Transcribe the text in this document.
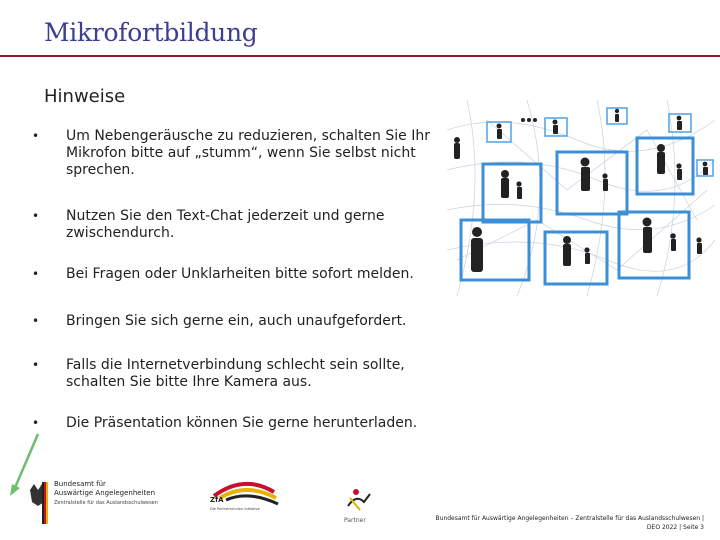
Mikrofortbildung
Hinweise
•	Um Nebengeräusche zu reduzieren, schalten Sie Ihr Mikrofon bitte auf „stumm“, wenn Sie selbst nicht sprechen.
•	Nutzen Sie den Text-Chat jederzeit und gerne zwischendurch.
•	Bei Fragen oder Unklarheiten bitte sofort melden.
•	Bringen Sie sich gerne ein, auch unaufgefordert.
•	Falls die Internetverbindung schlecht sein sollte, schalten Sie bitte Ihre Kamera aus.
•	Die Präsentation können Sie gerne herunterladen.
Bundesamt für
Auswärtige Angelegenheiten
Zentralstelle für das Auslandsschulwesen	ZfA
Die Partnerschulen-Initiative
Partner	Bundesamt für Auswärtige Angelegenheiten – Zentralstelle für das Auslandsschulwesen |
DEO 2022 | Seite 3
